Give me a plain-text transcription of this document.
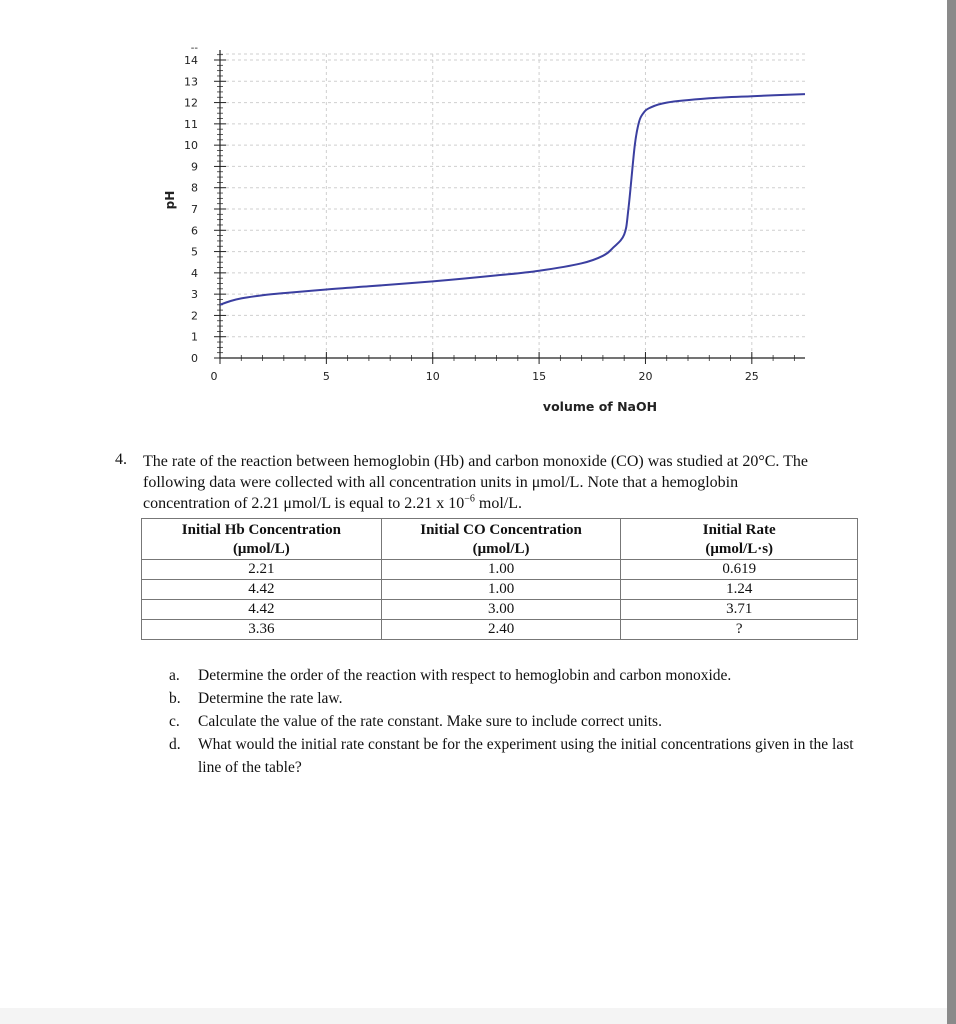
0
1
2
3
4
5
6
7
8
9
10
11
12
13
14
--
0	5	10	15	20	25
volume of NaOH
pH
4. The rate of the reaction between hemoglobin (Hb) and carbon monoxide (CO) was studied at 20°C. The
following data were collected with all concentration units in μmol/L. Note that a hemoglobin
concentration of 2.21 μmol/L is equal to 2.21 x $10^{-6}$ mol/L.
Initial Hb Concentration	Initial CO Concentration	Initial Rate
(μmol/L)	(μmol/L)	(μmol/L·s)
2.21	1.00	0.619
4.42	1.00	1.24
4.42	3.00	3.71
3.36	2.40	?
a.	Determine the order of the reaction with respect to hemoglobin and carbon monoxide.
b.	Determine the rate law.
c.	Calculate the value of the rate constant. Make sure to include correct units.
d.	What would the initial rate constant be for the experiment using the initial concentrations given in the last line of the table?
